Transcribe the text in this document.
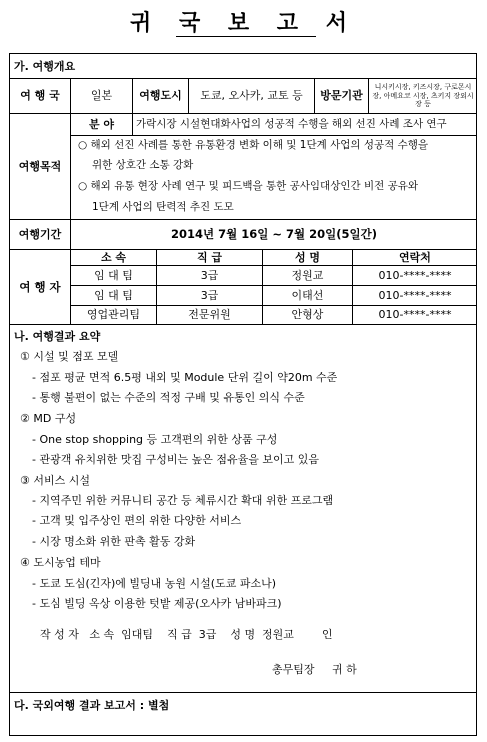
귀 국 보 고 서
가. 여행개요
여 행 국	일본	여행도시	도쿄, 오사카, 교토 등	방문기관
니시키시장, 키즈시장, 구로몬시장, 아메요코 시장, 츠키지 장외시장 등
여행목적
분 야	가락시장 시설현대화사업의 성공적 수행을 해외 선진 사례 조사 연구
○ 해외 선진 사례를 통한 유통환경 변화 이해 및 1단계 사업의 성공적 수행을
위한 상호간 소통 강화
○ 해외 유통 현장 사례 연구 및 피드백을 통한 공사임대상인간 비전 공유와
1단계 사업의 탄력적 추진 도모
여행기간	2014년 7월 16일 ~ 7월 20일(5일간)
여 행 자
소 속	직 급	성 명	연락처
임 대 팀	3급	정원교	010-****-****
임 대 팀	3급	이태선	010-****-****
영업관리팀	전문위원	안형상	010-****-****
나. 여행결과 요약
① 시설 및 점포 모델
- 점포 평균 면적 6.5평 내외 및 Module 단위 길이 약20m 수준
- 통행 불편이 없는 수준의 적정 구배 및 유통인 의식 수준
② MD 구성
- One stop shopping 등 고객편의 위한 상품 구성
- 관광객 유치위한 맛집 구성비는 높은 점유율을 보이고 있음
③ 서비스 시설
- 지역주민 위한 커뮤니티 공간 등 체류시간 확대 위한 프로그램
- 고객 및 입주상인 편의 위한 다양한 서비스
- 시장 명소화 위한 판촉 활동 강화
④ 도시농업 테마
- 도쿄 도심(긴자)에 빌딩내 농원 시설(도쿄 파소나)
- 도심 빌딩 옥상 이용한 텃밭 제공(오사카 남바파크)
작 성 자   소 속  임대팀    직 급  3급    성 명  정원교        인
총무팀장     귀 하
다. 국외여행 결과 보고서 : 별첨
